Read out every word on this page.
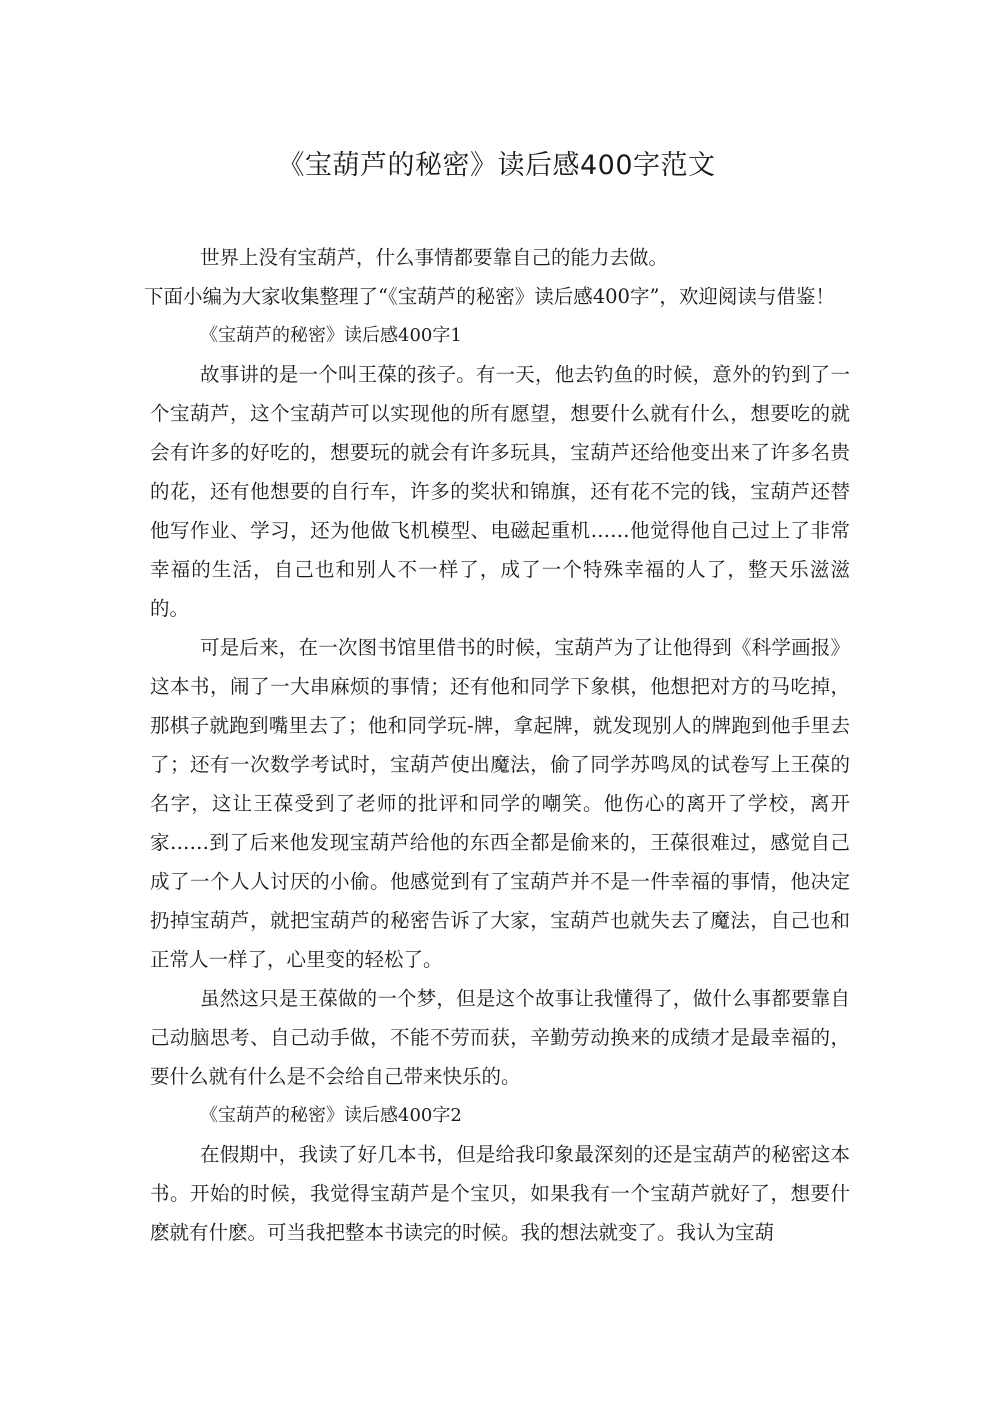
《宝葫芦的秘密》读后感400字范文

世界上没有宝葫芦，什么事情都要靠自己的能力去做。

下面小编为大家收集整理了“《宝葫芦的秘密》读后感400字”，欢迎阅读与借鉴！

《宝葫芦的秘密》读后感400字1

故事讲的是一个叫王葆的孩子。有一天，他去钓鱼的时候，意外的钓到了一个宝葫芦，这个宝葫芦可以实现他的所有愿望，想要什么就有什么，想要吃的就会有许多的好吃的，想要玩的就会有许多玩具，宝葫芦还给他变出来了许多名贵的花，还有他想要的自行车，许多的奖状和锦旗，还有花不完的钱，宝葫芦还替他写作业、学习，还为他做飞机模型、电磁起重机……他觉得他自己过上了非常幸福的生活，自己也和别人不一样了，成了一个特殊幸福的人了，整天乐滋滋的。

可是后来，在一次图书馆里借书的时候，宝葫芦为了让他得到《科学画报》这本书，闹了一大串麻烦的事情；还有他和同学下象棋，他想把对方的马吃掉，那棋子就跑到嘴里去了；他和同学玩-牌，拿起牌，就发现别人的牌跑到他手里去了；还有一次数学考试时，宝葫芦使出魔法，偷了同学苏鸣凤的试卷写上王葆的名字，这让王葆受到了老师的批评和同学的嘲笑。他伤心的离开了学校，离开家……到了后来他发现宝葫芦给他的东西全都是偷来的，王葆很难过，感觉自己成了一个人人讨厌的小偷。他感觉到有了宝葫芦并不是一件幸福的事情，他决定扔掉宝葫芦，就把宝葫芦的秘密告诉了大家，宝葫芦也就失去了魔法，自己也和正常人一样了，心里变的轻松了。

虽然这只是王葆做的一个梦，但是这个故事让我懂得了，做什么事都要靠自己动脑思考、自己动手做，不能不劳而获，辛勤劳动换来的成绩才是最幸福的，要什么就有什么是不会给自己带来快乐的。

《宝葫芦的秘密》读后感400字2

在假期中，我读了好几本书，但是给我印象最深刻的还是宝葫芦的秘密这本书。开始的时候，我觉得宝葫芦是个宝贝，如果我有一个宝葫芦就好了，想要什麽就有什麽。可当我把整本书读完的时候。我的想法就变了。我认为宝葫
